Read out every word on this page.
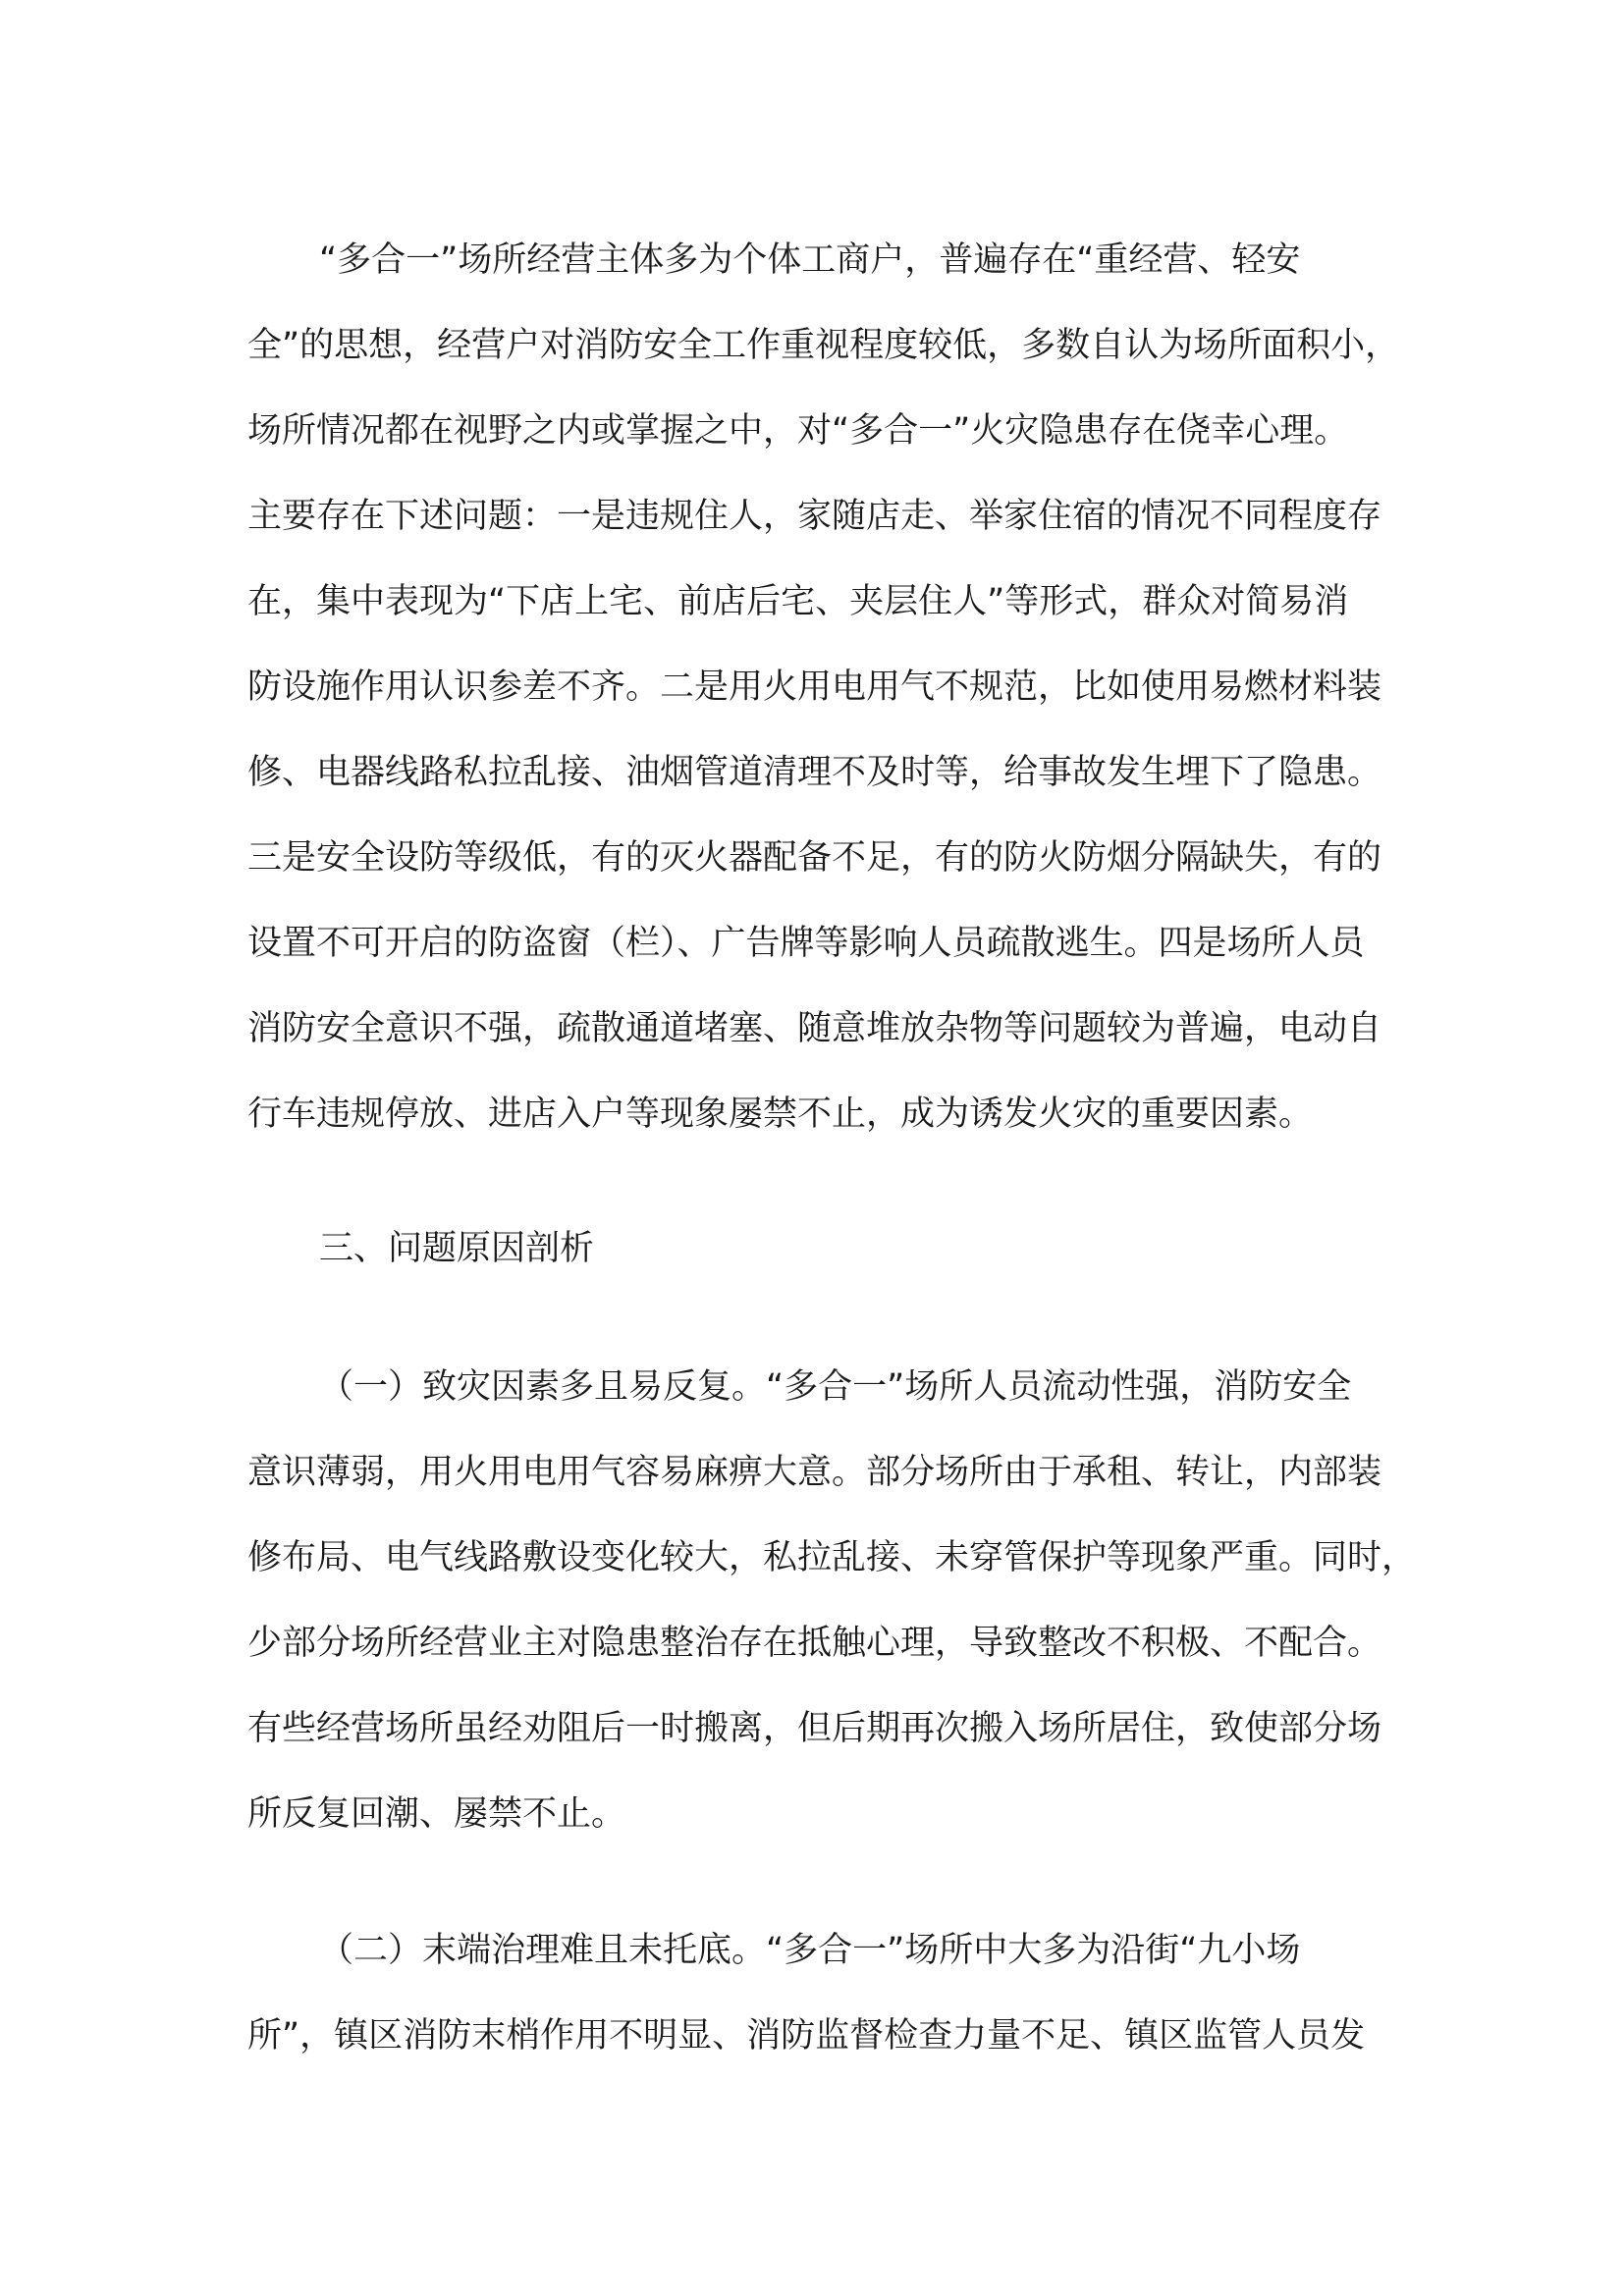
“多合一”场所经营主体多为个体工商户，普遍存在“重经营、轻安

全”的思想，经营户对消防安全工作重视程度较低，多数自认为场所面积小，

场所情况都在视野之内或掌握之中，对“多合一”火灾隐患存在侥幸心理。

主要存在下述问题：一是违规住人，家随店走、举家住宿的情况不同程度存

在，集中表现为“下店上宅、前店后宅、夹层住人”等形式，群众对简易消

防设施作用认识参差不齐。二是用火用电用气不规范，比如使用易燃材料装

修、电器线路私拉乱接、油烟管道清理不及时等，给事故发生埋下了隐患。

三是安全设防等级低，有的灭火器配备不足，有的防火防烟分隔缺失，有的

设置不可开启的防盗窗（栏）、广告牌等影响人员疏散逃生。四是场所人员

消防安全意识不强，疏散通道堵塞、随意堆放杂物等问题较为普遍，电动自

行车违规停放、进店入户等现象屡禁不止，成为诱发火灾的重要因素。

三、问题原因剖析

（一）致灾因素多且易反复。“多合一”场所人员流动性强，消防安全

意识薄弱，用火用电用气容易麻痹大意。部分场所由于承租、转让，内部装

修布局、电气线路敷设变化较大，私拉乱接、未穿管保护等现象严重。同时，

少部分场所经营业主对隐患整治存在抵触心理，导致整改不积极、不配合。

有些经营场所虽经劝阻后一时搬离，但后期再次搬入场所居住，致使部分场

所反复回潮、屡禁不止。

（二）末端治理难且未托底。“多合一”场所中大多为沿街“九小场

所”，镇区消防末梢作用不明显、消防监督检查力量不足、镇区监管人员发
